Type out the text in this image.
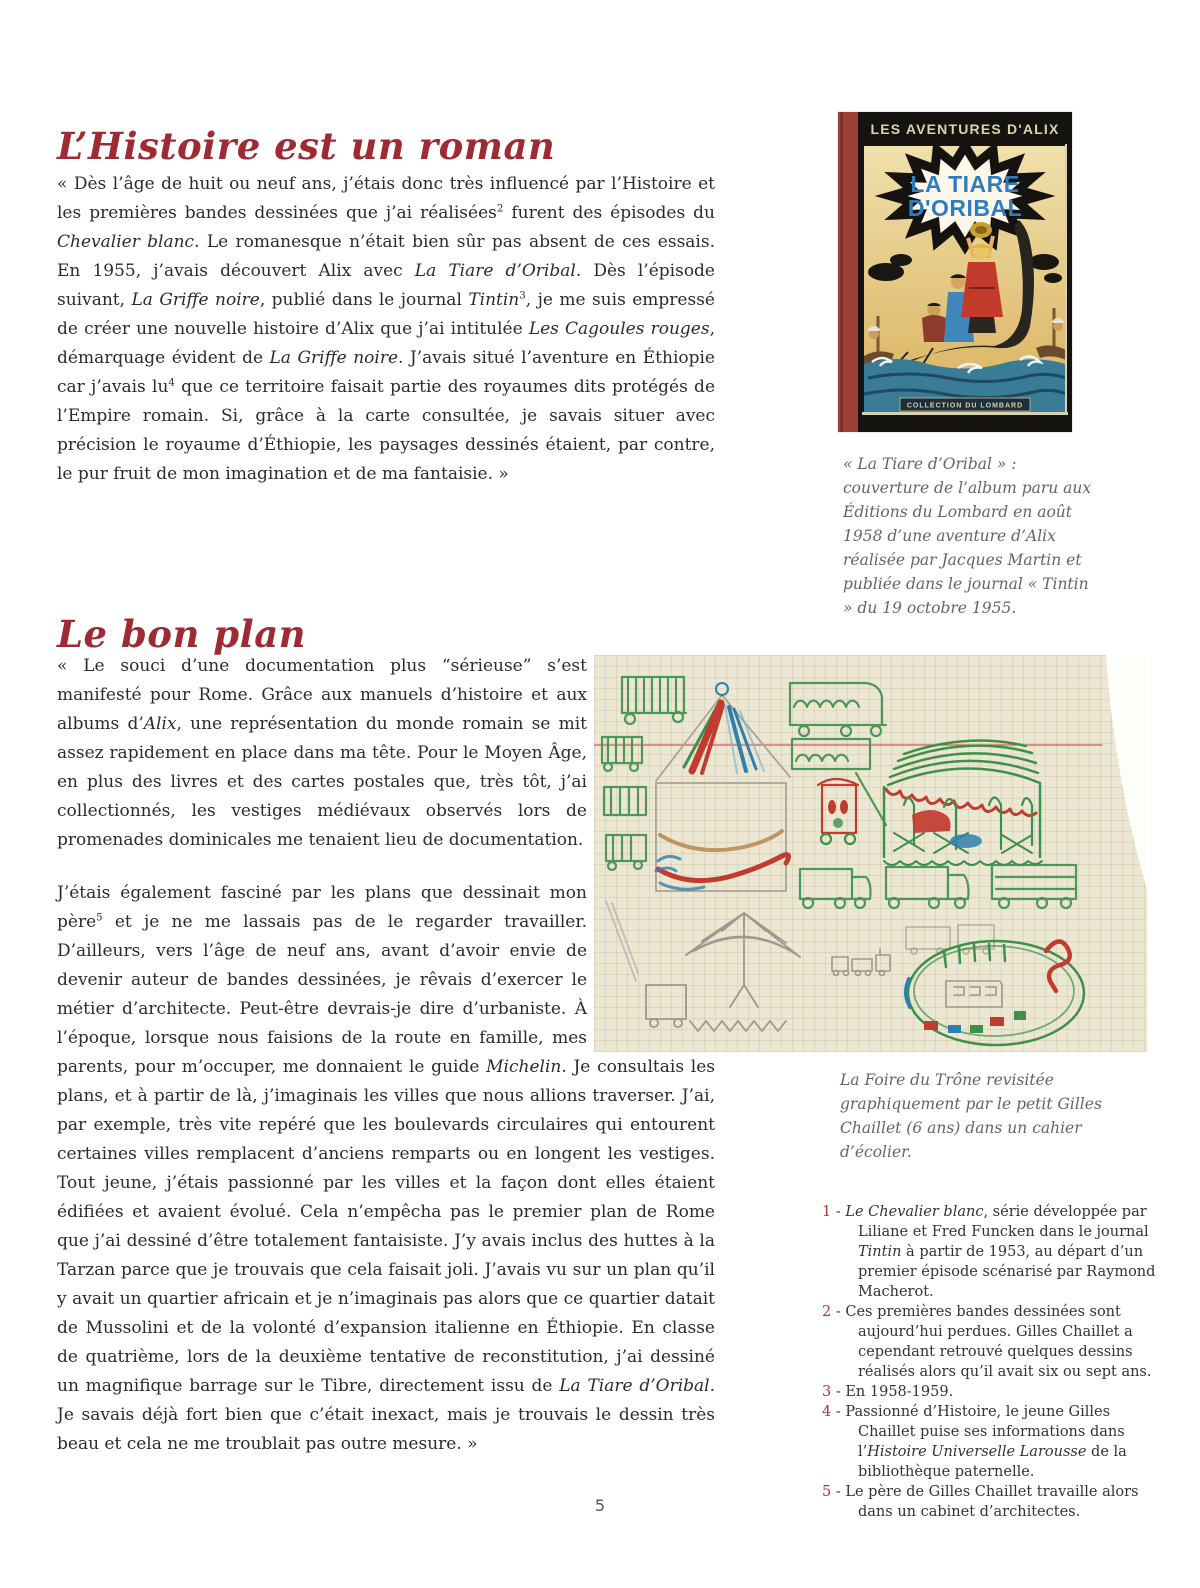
L’Histoire est un roman

« Dès l’âge de huit ou neuf ans, j’étais donc très influencé par l’Histoire et les premières bandes dessinées que j’ai réalisées$^2$ furent des épisodes du Chevalier blanc. Le romanesque n’était bien sûr pas absent de ces essais. En 1955, j’avais découvert Alix avec La Tiare d’Oribal. Dès l’épisode suivant, La Griffe noire, publié dans le journal Tintin$^3$, je me suis empressé de créer une nouvelle histoire d’Alix que j’ai intitulée Les Cagoules rouges, démarquage évident de La Griffe noire. J’avais situé l’aventure en Éthiopie car j’avais $lu^4$ que ce territoire faisait partie des royaumes dits protégés de l’Empire romain. Si, grâce à la carte consultée, je savais situer avec précision le royaume d’Éthiopie, les paysages dessinés étaient, par contre, le pur fruit de mon imagination et de ma fantaisie. »

LES AVENTURES D'ALIX
LA TIARE
D'ORIBAL
COLLECTION DU LOMBARD
« La Tiare d’Oribal » : couverture de l’album paru aux Éditions du Lombard en août 1958 d’une aventure d’Alix réalisée par Jacques Martin et publiée dans le journal « Tintin » du 19 octobre 1955.
Le bon plan

« Le souci d’une documentation plus “sérieuse” s’est manifesté pour Rome. Grâce aux manuels d’histoire et aux albums d’Alix, une représentation du monde romain se mit assez rapidement en place dans ma tête. Pour le Moyen Âge, en plus des livres et des cartes postales que, très tôt, j’ai collectionnés, les vestiges médiévaux observés lors de promenades dominicales me tenaient lieu de documentation.

J’étais également fasciné par les plans que dessinait mon père$^5$ et je ne me lassais pas de le regarder travailler. D’ailleurs, vers l’âge de neuf ans, avant d’avoir envie de devenir auteur de bandes dessinées, je rêvais d’exercer le métier d’architecte. Peut-être devrais-je dire d’urbaniste. À l’époque, lorsque nous faisions de la route en famille, mes parents, pour m’occuper, me donnaient le guide Michelin. Je consultais les plans, et à partir de là, j’imaginais les villes que nous allions traverser. J’ai, par exemple, très vite repéré que les boulevards circulaires qui entourent certaines villes remplacent d’anciens remparts ou en longent les vestiges. Tout jeune, j’étais passionné par les villes et la façon dont elles étaient édifiées et avaient évolué. Cela n’empêcha pas le premier plan de Rome que j’ai dessiné d’être totalement fantaisiste. J’y avais inclus des huttes à la Tarzan parce que je trouvais que cela faisait joli. J’avais vu sur un plan qu’il y avait un quartier africain et je n’imaginais pas alors que ce quartier datait de Mussolini et de la volonté d’expansion italienne en Éthiopie. En classe de quatrième, lors de la deuxième tentative de reconstitution, j’ai dessiné un magnifique barrage sur le Tibre, directement issu de La Tiare d’Oribal. Je savais déjà fort bien que c’était inexact, mais je trouvais le dessin très beau et cela ne me troublait pas outre mesure. »

La Foire du Trône revisitée graphiquement par le petit Gilles Chaillet (6 ans) dans un cahier d’écolier.

1 - Le Chevalier blanc, série développée par Liliane et Fred Funcken dans le journal Tintin à partir de 1953, au départ d’un premier épisode scénarisé par Raymond Macherot.

2 - Ces premières bandes dessinées sont aujourd’hui perdues. Gilles Chaillet a cependant retrouvé quelques dessins réalisés alors qu’il avait six ou sept ans.

3 - En 1958-1959.

4 - Passionné d’Histoire, le jeune Gilles Chaillet puise ses informations dans l’Histoire Universelle Larousse de la bibliothèque paternelle.

5 - Le père de Gilles Chaillet travaille alors dans un cabinet d’architectes.

5
